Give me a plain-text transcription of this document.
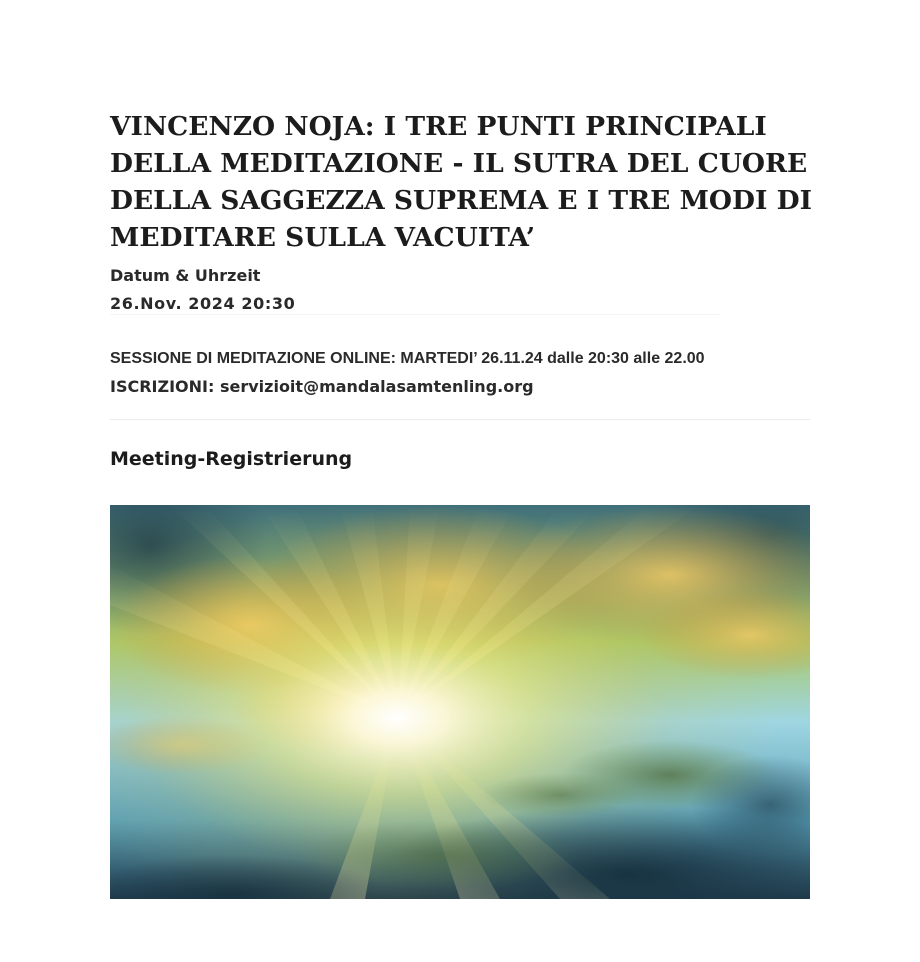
VINCENZO NOJA: I TRE PUNTI PRINCIPALI DELLA MEDITAZIONE - IL SUTRA DEL CUORE DELLA SAGGEZZA SUPREMA E I TRE MODI DI MEDITARE SULLA VACUITA’
Datum & Uhrzeit
26.Nov. 2024 20:30
SESSIONE DI MEDITAZIONE ONLINE: MARTEDI’ 26.11.24 dalle 20:30 alle 22.00
ISCRIZIONI: servizioit@mandalasamtenling.org
Meeting-Registrierung
